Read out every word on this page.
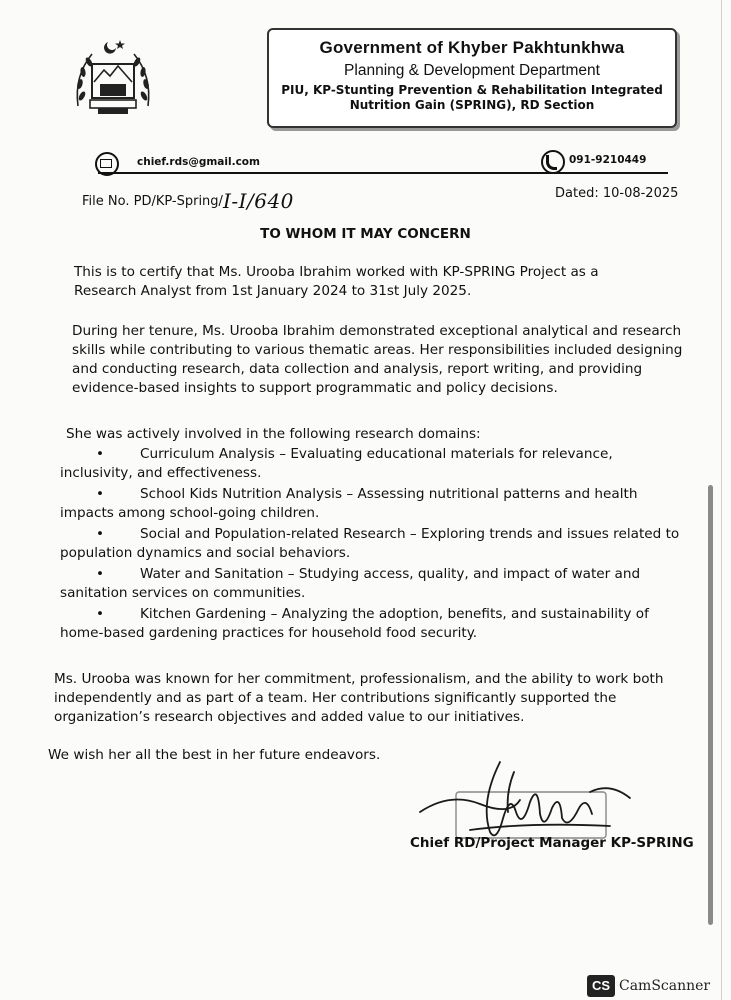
Government of Khyber Pakhtunkhwa
Planning & Development Department
PIU, KP-Stunting Prevention & Rehabilitation Integrated
Nutrition Gain (SPRING), RD Section
chief.rds@gmail.com	091-9210449
File No. PD/KP-Spring/I-I/640	Dated: 10-08-2025
TO WHOM IT MAY CONCERN
This is to certify that Ms. Urooba Ibrahim worked with KP-SPRING Project as a Research Analyst from 1st January 2024 to 31st July 2025.
During her tenure, Ms. Urooba Ibrahim demonstrated exceptional analytical and research skills while contributing to various thematic areas. Her responsibilities included designing and conducting research, data collection and analysis, report writing, and providing evidence-based insights to support programmatic and policy decisions.
She was actively involved in the following research domains:
•	Curriculum Analysis – Evaluating educational materials for relevance,
inclusivity, and effectiveness.
•	School Kids Nutrition Analysis – Assessing nutritional patterns and health
impacts among school-going children.
•	Social and Population-related Research – Exploring trends and issues related to
population dynamics and social behaviors.
•	Water and Sanitation – Studying access, quality, and impact of water and
sanitation services on communities.
•	Kitchen Gardening – Analyzing the adoption, benefits, and sustainability of
home-based gardening practices for household food security.
Ms. Urooba was known for her commitment, professionalism, and the ability to work both independently and as part of a team. Her contributions significantly supported the organization’s research objectives and added value to our initiatives.
We wish her all the best in her future endeavors.
Chief RD/Project Manager KP-SPRING
CS CamScanner
